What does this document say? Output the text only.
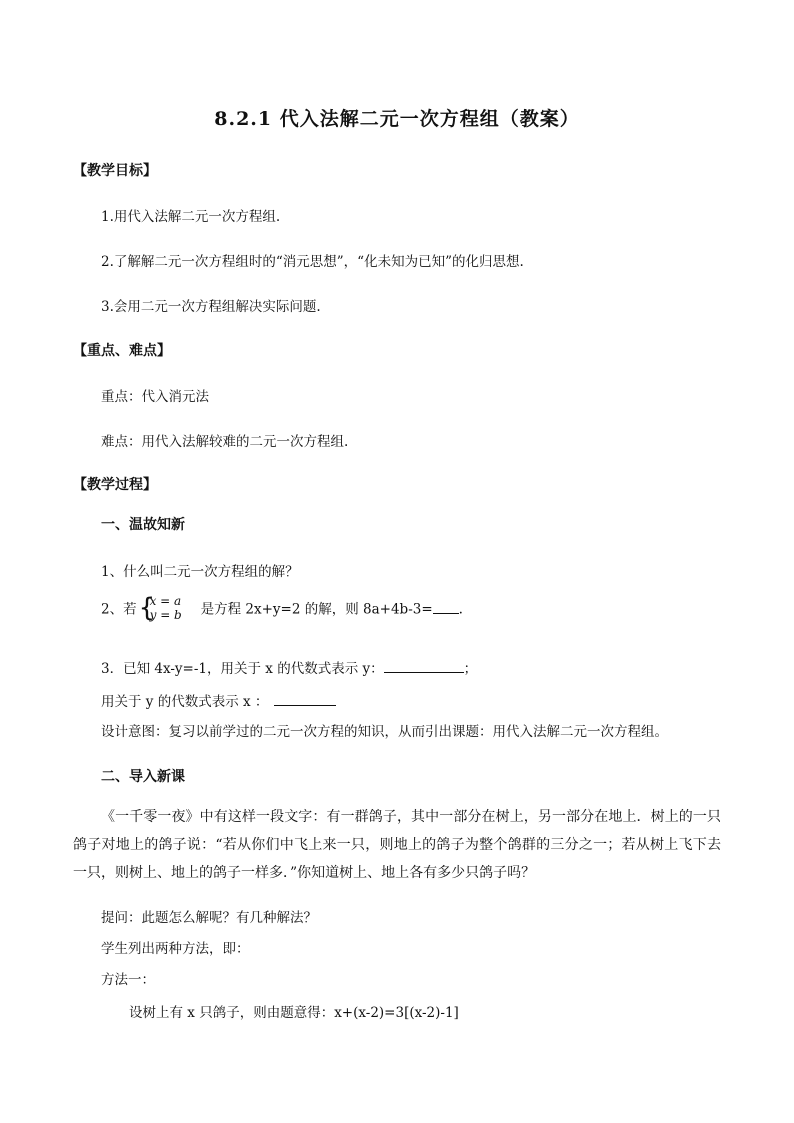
8.2.1 代入法解二元一次方程组（教案）
【教学目标】
1.用代入法解二元一次方程组.
2.了解解二元一次方程组时的“消元思想”，“化未知为已知”的化归思想.
3.会用二元一次方程组解决实际问题.
【重点、难点】
重点：代入消元法
难点：用代入法解较难的二元一次方程组.
【教学过程】
一、温故知新
1、什么叫二元一次方程组的解？
2、若 {
x = a
y = b 是方程 2x+y=2 的解，则 8a+4b-3= .
3．已知 4x-y=-1，用关于 x 的代数式表示 y：	；
用关于 y 的代数式表示 x ：
设计意图：复习以前学过的二元一次方程的知识，从而引出课题：用代入法解二元一次方程组。
二、导入新课
《一千零一夜》中有这样一段文字：有一群鸽子，其中一部分在树上，另一部分在地上．树上的一只鸽子对地上的鸽子说：“若从你们中飞上来一只，则地上的鸽子为整个鸽群的三分之一；若从树上飞下去一只，则树上、地上的鸽子一样多．”你知道树上、地上各有多少只鸽子吗？
提问：此题怎么解呢？有几种解法？
学生列出两种方法，即：
方法一：
设树上有 x 只鸽子，则由题意得：x+(x-2)=3[(x-2)-1]
